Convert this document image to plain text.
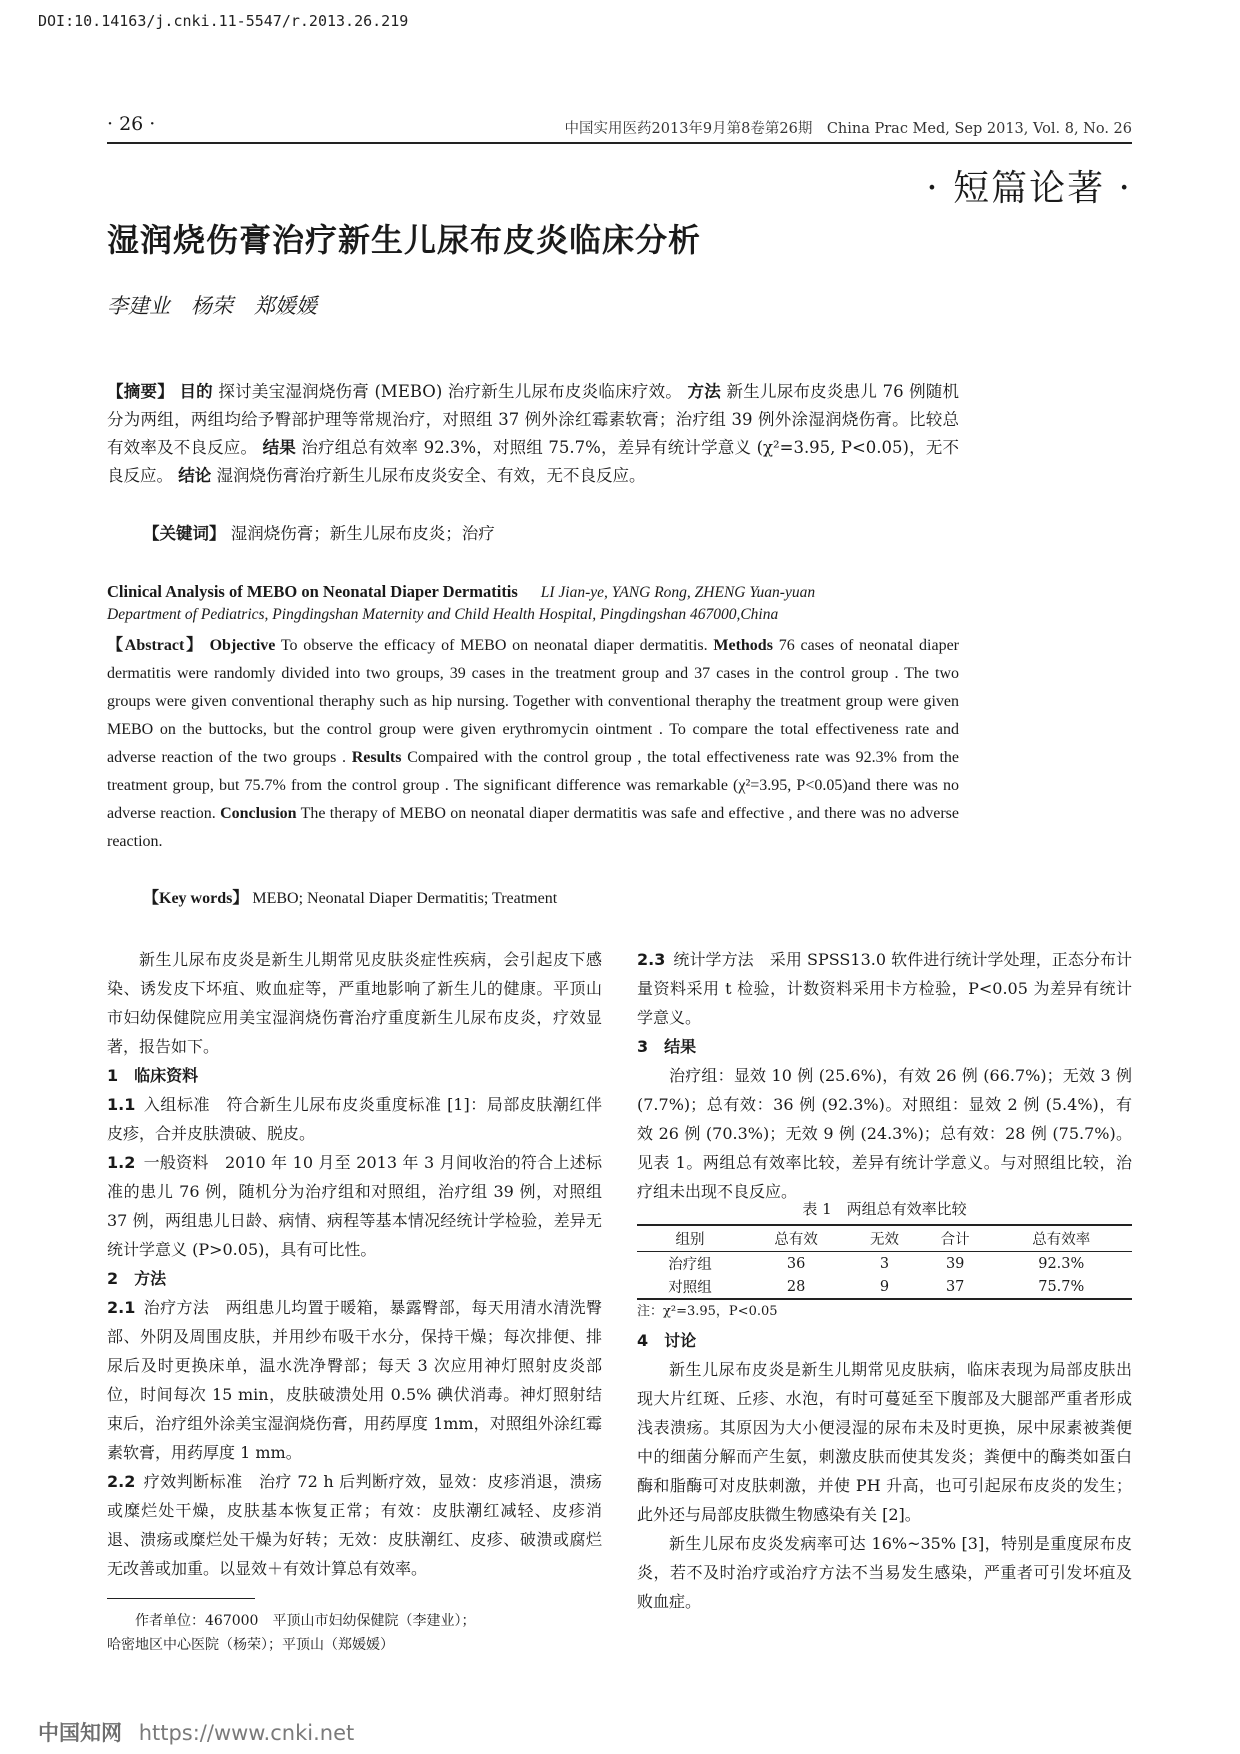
DOI:10.14163/j.cnki.11-5547/r.2013.26.219
· 26 ·	中国实用医药2013年9月第8卷第26期　China Prac Med, Sep 2013, Vol. 8, No. 26
· 短篇论著 ·
湿润烧伤膏治疗新生儿尿布皮炎临床分析
李建业　杨荣　郑媛媛
【摘要】 目的 探讨美宝湿润烧伤膏 (MEBO) 治疗新生儿尿布皮炎临床疗效。 方法 新生儿尿布皮炎患儿 76 例随机分为两组，两组均给予臀部护理等常规治疗，对照组 37 例外涂红霉素软膏；治疗组 39 例外涂湿润烧伤膏。比较总有效率及不良反应。 结果 治疗组总有效率 92.3%，对照组 75.7%，差异有统计学意义 (χ²=3.95, P<0.05)，无不良反应。 结论 湿润烧伤膏治疗新生儿尿布皮炎安全、有效，无不良反应。
【关键词】 湿润烧伤膏；新生儿尿布皮炎；治疗
Clinical Analysis of MEBO on Neonatal Diaper Dermatitis LI Jian-ye, YANG Rong, ZHENG Yuan-yuan
Department of Pediatrics, Pingdingshan Maternity and Child Health Hospital, Pingdingshan 467000,China
【Abstract】 Objective To observe the efficacy of MEBO on neonatal diaper dermatitis. Methods 76 cases of neonatal diaper dermatitis were randomly divided into two groups, 39 cases in the treatment group and 37 cases in the control group . The two groups were given conventional theraphy such as hip nursing. Together with conventional theraphy the treatment group were given MEBO on the buttocks, but the control group were given erythromycin ointment . To compare the total effectiveness rate and adverse reaction of the two groups . Results Compaired with the control group , the total effectiveness rate was 92.3% from the treatment group, but 75.7% from the control group . The significant difference was remarkable (χ²=3.95, P<0.05)and there was no adverse reaction. Conclusion The therapy of MEBO on neonatal diaper dermatitis was safe and effective , and there was no adverse reaction.
【Key words】 MEBO; Neonatal Diaper Dermatitis; Treatment

新生儿尿布皮炎是新生儿期常见皮肤炎症性疾病，会引起皮下感染、诱发皮下坏疽、败血症等，严重地影响了新生儿的健康。平顶山市妇幼保健院应用美宝湿润烧伤膏治疗重度新生儿尿布皮炎，疗效显著，报告如下。

1　临床资料

1.1 入组标准　符合新生儿尿布皮炎重度标准 [1]：局部皮肤潮红伴皮疹，合并皮肤溃破、脱皮。

1.2 一般资料　2010 年 10 月至 2013 年 3 月间收治的符合上述标准的患儿 76 例，随机分为治疗组和对照组，治疗组 39 例，对照组 37 例，两组患儿日龄、病情、病程等基本情况经统计学检验，差异无统计学意义 (P>0.05)，具有可比性。

2　方法

2.1 治疗方法　两组患儿均置于暖箱，暴露臀部，每天用清水清洗臀部、外阴及周围皮肤，并用纱布吸干水分，保持干燥；每次排便、排尿后及时更换床单，温水洗净臀部；每天 3 次应用神灯照射皮炎部位，时间每次 15 min，皮肤破溃处用 0.5% 碘伏消毒。神灯照射结束后，治疗组外涂美宝湿润烧伤膏，用药厚度 1mm，对照组外涂红霉素软膏，用药厚度 1 mm。

2.2 疗效判断标准　治疗 72 h 后判断疗效，显效：皮疹消退，溃疡或糜烂处干燥，皮肤基本恢复正常；有效：皮肤潮红减轻、皮疹消退、溃疡或糜烂处干燥为好转；无效：皮肤潮红、皮疹、破溃或腐烂无改善或加重。以显效＋有效计算总有效率。

2.3 统计学方法　采用 SPSS13.0 软件进行统计学处理，正态分布计量资料采用 t 检验，计数资料采用卡方检验，P<0.05 为差异有统计学意义。

3　结果

治疗组：显效 10 例 (25.6%)，有效 26 例 (66.7%)；无效 3 例 (7.7%)；总有效：36 例 (92.3%)。对照组：显效 2 例 (5.4%)，有效 26 例 (70.3%)；无效 9 例 (24.3%)；总有效：28 例 (75.7%)。见表 1。两组总有效率比较，差异有统计学意义。与对照组比较，治疗组未出现不良反应。

表 1　两组总有效率比较
组别	总有效	无效	合计	总有效率
治疗组	36	3	39	92.3%
对照组	28	9	37	75.7%
注：χ²=3.95，P<0.05

4　讨论

新生儿尿布皮炎是新生儿期常见皮肤病，临床表现为局部皮肤出现大片红斑、丘疹、水泡，有时可蔓延至下腹部及大腿部严重者形成浅表溃疡。其原因为大小便浸湿的尿布未及时更换，尿中尿素被粪便中的细菌分解而产生氨，刺激皮肤而使其发炎；粪便中的酶类如蛋白酶和脂酶可对皮肤刺激，并使 PH 升高，也可引起尿布皮炎的发生；此外还与局部皮肤微生物感染有关 [2]。

新生儿尿布皮炎发病率可达 16%~35% [3]，特别是重度尿布皮炎，若不及时治疗或治疗方法不当易发生感染，严重者可引发坏疽及败血症。

作者单位：467000　平顶山市妇幼保健院（李建业）；
哈密地区中心医院（杨荣）；平顶山（郑媛媛）
中国知网 https://www.cnki.net
